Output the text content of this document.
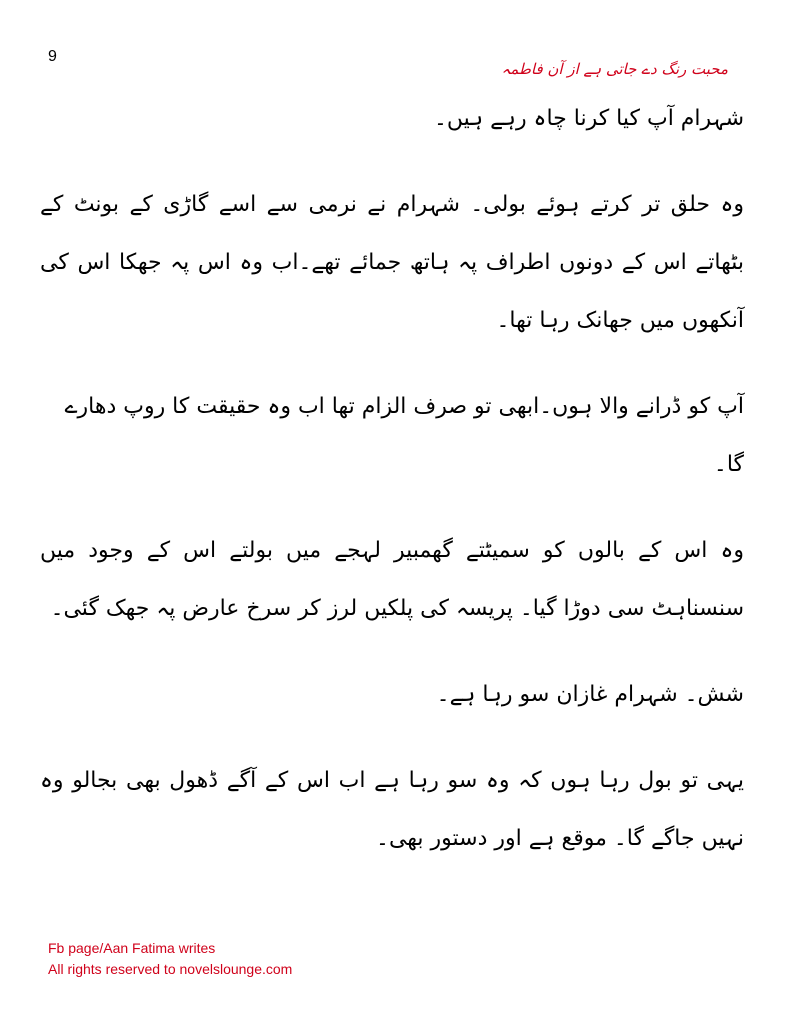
9
محبت رنگ دے جاتی ہے از آن فاطمہ

شہرام آپ کیا کرنا چاہ رہے ہیں۔

وہ حلق تر کرتے ہوئے بولی۔ شہرام نے نرمی سے اسے گاڑی کے بونٹ کے بٹھاتے اس کے دونوں اطراف پہ ہاتھ جمائے تھے۔اب وہ اس پہ جھکا اس کی آنکھوں میں جھانک رہا تھا۔

آپ کو ڈرانے والا ہوں۔ابھی تو صرف الزام تھا اب وہ حقیقت کا روپ دھارے گا۔

وہ اس کے بالوں کو سمیٹتے گھمبیر لہجے میں بولتے اس کے وجود میں سنسناہٹ سی دوڑا گیا۔ پریسہ کی پلکیں لرز کر سرخ عارض پہ جھک گئی۔

شش۔ شہرام غازان سو رہا ہے۔

یہی تو بول رہا ہوں کہ وہ سو رہا ہے اب اس کے آگے ڈھول بھی بجالو وہ نہیں جاگے گا۔ موقع ہے اور دستور بھی۔

Fb page/Aan Fatima writes
All rights reserved to novelslounge.com
